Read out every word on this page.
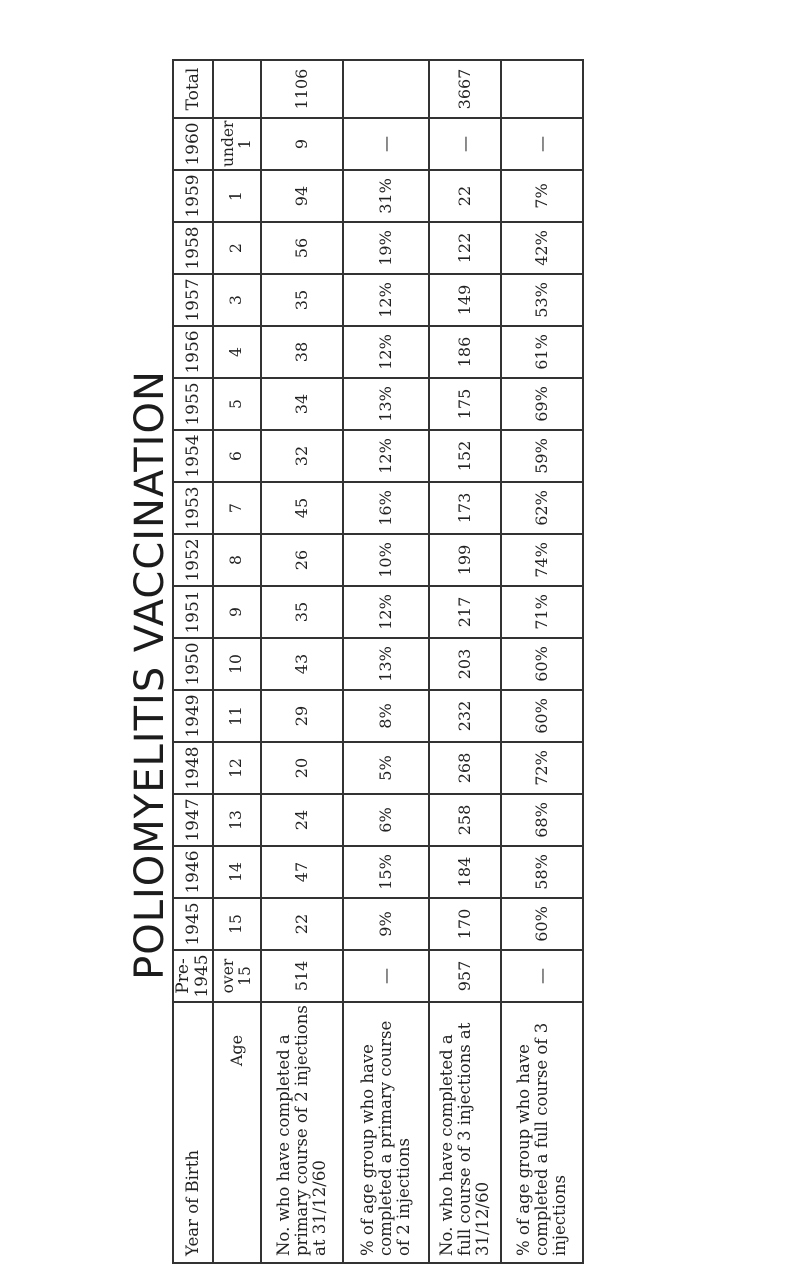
POLIOMYELITIS VACCINATION
Year of Birth		Pre-1945	1945	1946	1947	1948	1949	1950	1951	1952	1953	1954	1955	1956	1957	1958	1959	1960	Total
	Age	over 15	15	14	13	12	11	10	9	8	7	6	5	4	3	2	1	under 1	
No. who have completed a primary course of 2 injections at 31/12/60		514	22	47	24	20	29	43	35	26	45	32	34	38	35	56	94	9	1106
% of age group who have completed a primary course of 2 injections		—	9%	15%	6%	5%	8%	13%	12%	10%	16%	12%	13%	12%	12%	19%	31%	—	
No. who have completed a full course of 3 injections at 31/12/60		957	170	184	258	268	232	203	217	199	173	152	175	186	149	122	22	—	3667
% of age group who have completed a full course of 3 injections		—	60%	58%	68%	72%	60%	60%	71%	74%	62%	59%	69%	61%	53%	42%	7%	—	
